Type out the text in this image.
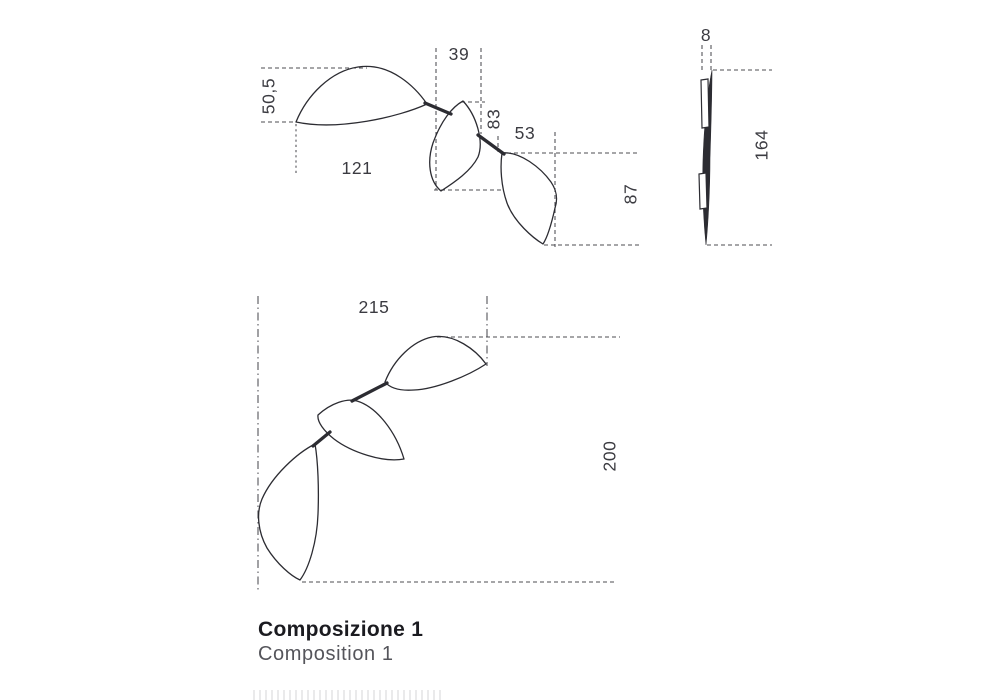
50,5
121
39
83
53
87
8
164
215
200
Composizione 1
Composition 1
